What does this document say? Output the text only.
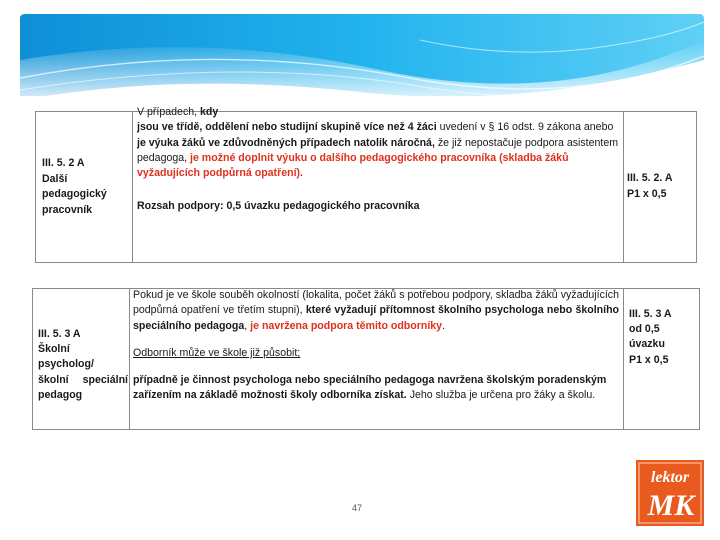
III. 5. 2 A
Další pedagogický pracovník
V případech, kdy
jsou ve třídě, oddělení nebo studijní skupině více než 4 žáci uvedení v § 16 odst. 9 zákona anebo
je výuka žáků ve zdůvodněných případech natolik náročná, že již nepostačuje podpora asistentem pedagoga, je možné doplnit výuku o dalšího pedagogického pracovníka (skladba žáků vyžadujících podpůrná opatření).
Rozsah podpory: 0,5 úvazku pedagogického pracovníka
III. 5. 2. A
P1 x 0,5
III. 5. 3 A
Školní psycholog/
školní speciální
pedagog
Pokud je ve škole souběh okolností (lokalita, počet žáků s potřebou podpory, skladba žáků vyžadujících podpůrná opatření ve třetím stupni), které vyžadují přítomnost školního psychologa nebo školního speciálního pedagoga, je navržena podpora těmito odborníky.
Odborník může ve škole již působit;
případně je činnost psychologa nebo speciálního pedagoga navržena školským poradenským zařízením na základě možnosti školy odborníka získat. Jeho služba je určena pro žáky a školu.
III. 5. 3 A
od 0,5 úvazku
P1 x 0,5
47
lektor
MK
